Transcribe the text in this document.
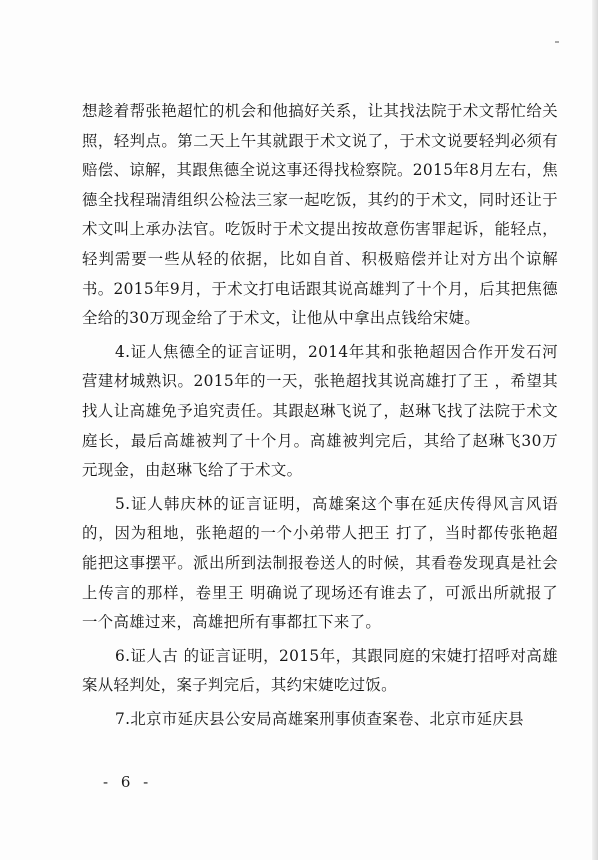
想趁着帮张艳超忙的机会和他搞好关系，让其找法院于术文帮忙给关照，轻判点。第二天上午其就跟于术文说了，于术文说要轻判必须有赔偿、谅解，其跟焦德全说这事还得找检察院。2015年8月左右，焦德全找程瑞清组织公检法三家一起吃饭，其约的于术文，同时还让于术文叫上承办法官。吃饭时于术文提出按故意伤害罪起诉，能轻点，轻判需要一些从轻的依据，比如自首、积极赔偿并让对方出个谅解书。2015年9月，于术文打电话跟其说高雄判了十个月，后其把焦德全给的30万现金给了于术文，让他从中拿出点钱给宋婕。

4.证人焦德全的证言证明，2014年其和张艳超因合作开发石河营建材城熟识。2015年的一天，张艳超找其说高雄打了王 ，希望其找人让高雄免予追究责任。其跟赵琳飞说了，赵琳飞找了法院于术文庭长，最后高雄被判了十个月。高雄被判完后，其给了赵琳飞30万元现金，由赵琳飞给了于术文。

5.证人韩庆林的证言证明，高雄案这个事在延庆传得风言风语的，因为租地，张艳超的一个小弟带人把王 打了，当时都传张艳超能把这事摆平。派出所到法制报卷送人的时候，其看卷发现真是社会上传言的那样，卷里王 明确说了现场还有谁去了，可派出所就报了一个高雄过来，高雄把所有事都扛下来了。

6.证人古 的证言证明，2015年，其跟同庭的宋婕打招呼对高雄案从轻判处，案子判完后，其约宋婕吃过饭。

7.北京市延庆县公安局高雄案刑事侦查案卷、北京市延庆县

- 6 -
